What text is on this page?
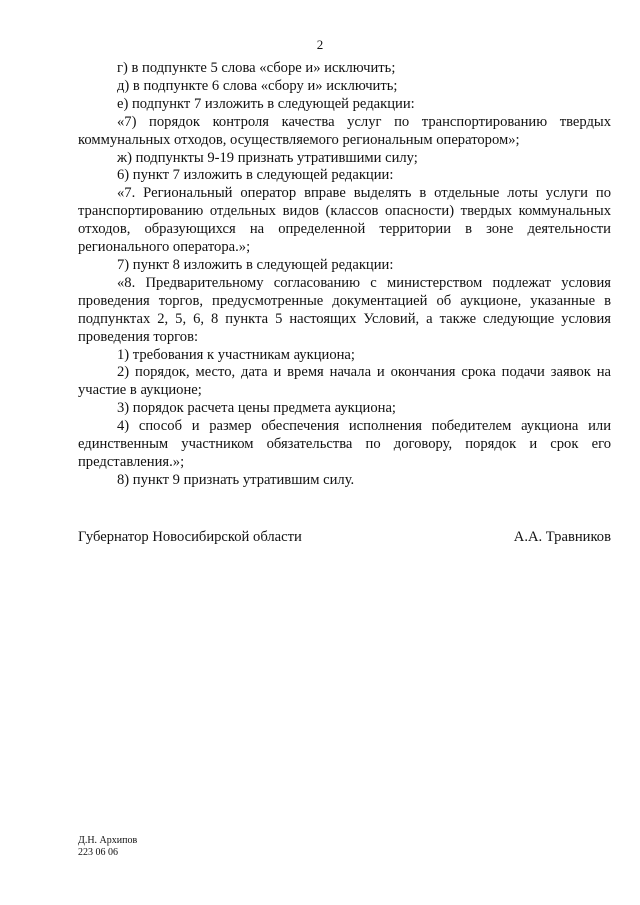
2

г) в подпункте 5 слова «сборе и» исключить;

д) в подпункте 6 слова «сбору и» исключить;

е) подпункт 7 изложить в следующей редакции:

«7) порядок контроля качества услуг по транспортированию твердых коммунальных отходов, осуществляемого региональным оператором»;

ж) подпункты 9-19 признать утратившими силу;

6) пункт 7 изложить в следующей редакции:

«7. Региональный оператор вправе выделять в отдельные лоты услуги по транспортированию отдельных видов (классов опасности) твердых коммунальных отходов, образующихся на определенной территории в зоне деятельности регионального оператора.»;

7) пункт 8 изложить в следующей редакции:

«8. Предварительному согласованию с министерством подлежат условия проведения торгов, предусмотренные документацией об аукционе, указанные в подпунктах 2, 5, 6, 8 пункта 5 настоящих Условий, а также следующие условия проведения торгов:

1) требования к участникам аукциона;

2) порядок, место, дата и время начала и окончания срока подачи заявок на участие в аукционе;

3) порядок расчета цены предмета аукциона;

4) способ и размер обеспечения исполнения победителем аукциона или единственным участником обязательства по договору, порядок и срок его представления.»;

8) пункт 9 признать утратившим силу.

Губернатор Новосибирской области	А.А. Травников
Д.Н. Архипов
223 06 06
